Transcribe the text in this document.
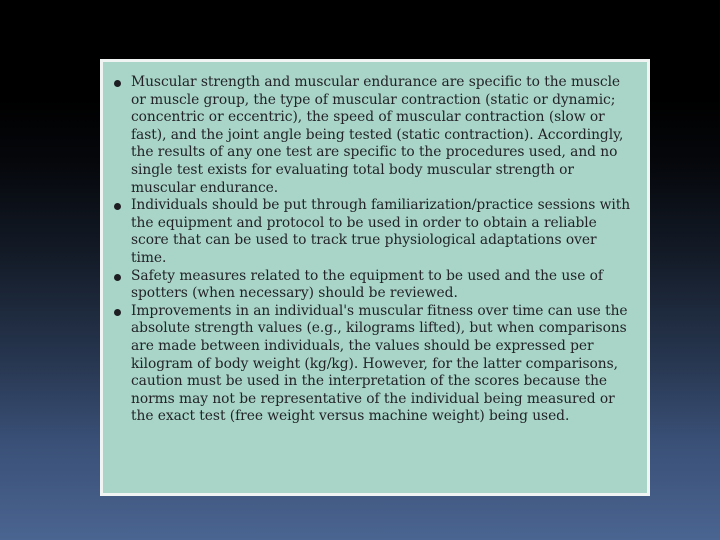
Muscular strength and muscular endurance are specific to the muscle or muscle group, the type of muscular contraction (static or dynamic; concentric or eccentric), the speed of muscular contraction (slow or fast), and the joint angle being tested (static contraction). Accordingly, the results of any one test are specific to the procedures used, and no single test exists for evaluating total body muscular strength or muscular endurance.
Individuals should be put through familiarization/practice sessions with the equipment and protocol to be used in order to obtain a reliable score that can be used to track true physiological adaptations over time.
Safety measures related to the equipment to be used and the use of spotters (when necessary) should be reviewed.
Improvements in an individual's muscular fitness over time can use the absolute strength values (e.g., kilograms lifted), but when comparisons are made between individuals, the values should be expressed per kilogram of body weight (kg/kg). However, for the latter comparisons, caution must be used in the interpretation of the scores because the norms may not be representative of the individual being measured or the exact test (free weight versus machine weight) being used.
